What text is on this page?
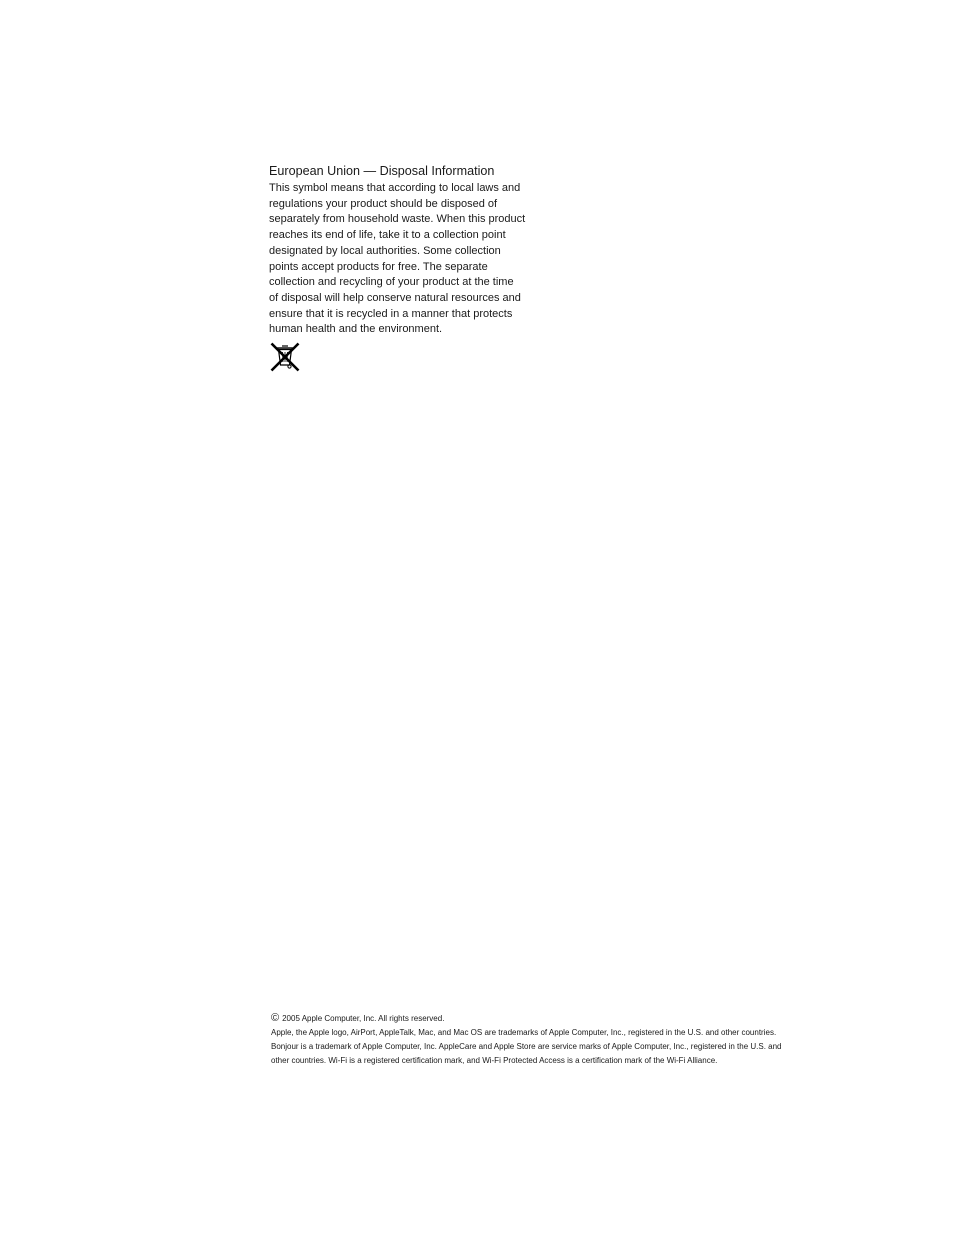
European Union — Disposal Information

This symbol means that according to local laws and
regulations your product should be disposed of
separately from household waste. When this product
reaches its end of life, take it to a collection point
designated by local authorities. Some collection
points accept products for free. The separate
collection and recycling of your product at the time
of disposal will help conserve natural resources and
ensure that it is recycled in a manner that protects
human health and the environment.

© 2005 Apple Computer, Inc. All rights reserved.

Apple, the Apple logo, AirPort, AppleTalk, Mac, and Mac OS are trademarks of Apple Computer, Inc., registered in the U.S. and other countries.

Bonjour is a trademark of Apple Computer, Inc. AppleCare and Apple Store are service marks of Apple Computer, Inc., registered in the U.S. and

other countries. Wi-Fi is a registered certification mark, and Wi-Fi Protected Access is a certification mark of the Wi-Fi Alliance.
